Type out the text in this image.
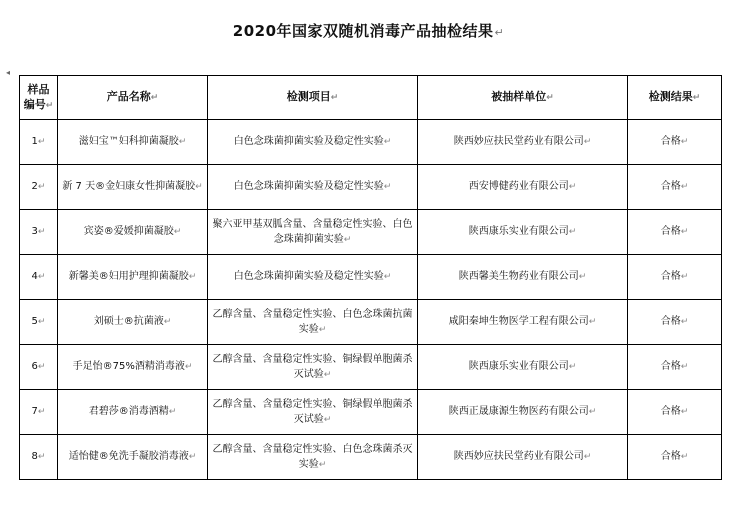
2020年国家双随机消毒产品抽检结果↵
◂
样品编号↵	产品名称↵	检测项目↵	被抽样单位↵	检测结果↵
1↵	滋妇宝™妇科抑菌凝胶↵	白色念珠菌抑菌实验及稳定性实验↵	陕西妙应扶民堂药业有限公司↵	合格↵
2↵	新 7 天®金妇康女性抑菌凝胶↵	白色念珠菌抑菌实验及稳定性实验↵	西安博健药业有限公司↵	合格↵
3↵	宾姿®爱媛抑菌凝胶↵	聚六亚甲基双胍含量、含量稳定性实验、白色念珠菌抑菌实验↵	陕西康乐实业有限公司↵	合格↵
4↵	新馨美®妇用护理抑菌凝胶↵	白色念珠菌抑菌实验及稳定性实验↵	陕西馨美生物药业有限公司↵	合格↵
5↵	刘硕士®抗菌液↵	乙醇含量、含量稳定性实验、白色念珠菌抗菌实验↵	咸阳秦坤生物医学工程有限公司↵	合格↵
6↵	手足怡®75%酒精消毒液↵	乙醇含量、含量稳定性实验、铜绿假单胞菌杀灭试验↵	陕西康乐实业有限公司↵	合格↵
7↵	君碧莎®消毒酒精↵	乙醇含量、含量稳定性实验、铜绿假单胞菌杀灭试验↵	陕西正晟康源生物医药有限公司↵	合格↵
8↵	适怡健®免洗手凝胶消毒液↵	乙醇含量、含量稳定性实验、白色念珠菌杀灭实验↵	陕西妙应扶民堂药业有限公司↵	合格↵
